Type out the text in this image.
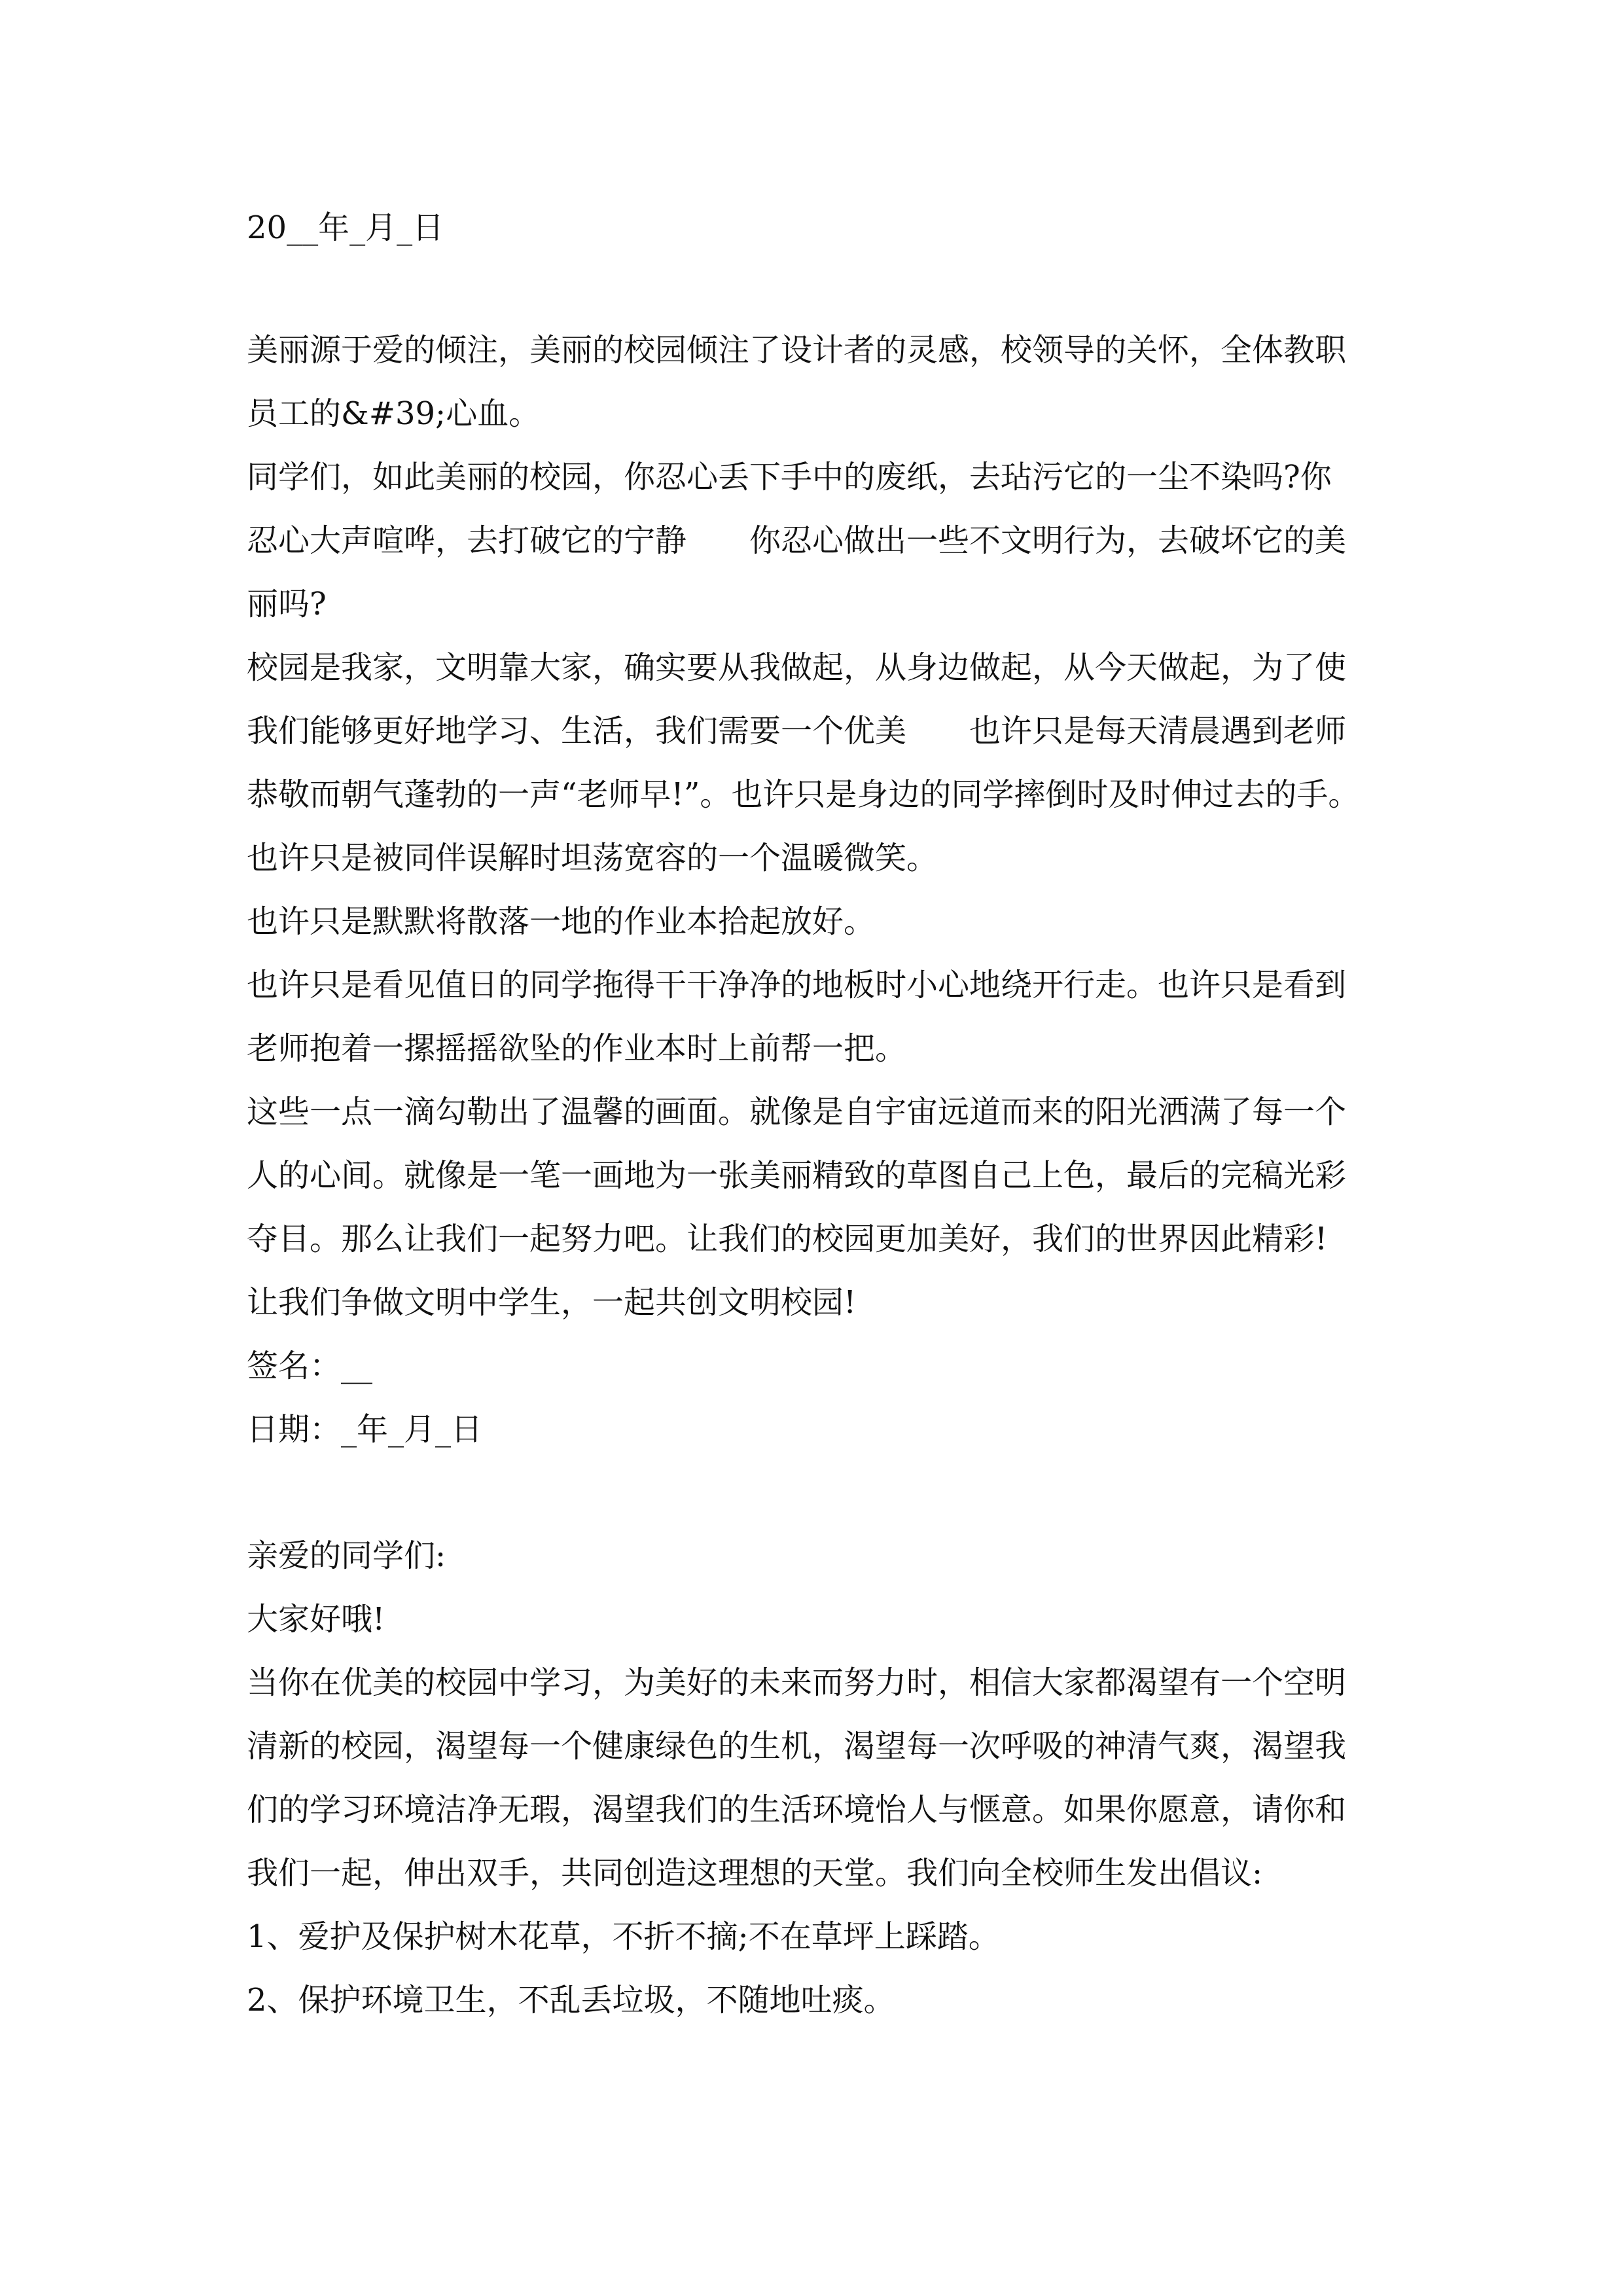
20__年_月_日
美丽源于爱的倾注，美丽的校园倾注了设计者的灵感，校领导的关怀，全体教职
员工的&#39;心血。
同学们，如此美丽的校园，你忍心丢下手中的废纸，去玷污它的一尘不染吗?你
忍心大声喧哗，去打破它的宁静　　你忍心做出一些不文明行为，去破坏它的美
丽吗?
校园是我家，文明靠大家，确实要从我做起，从身边做起，从今天做起，为了使
我们能够更好地学习、生活，我们需要一个优美　　也许只是每天清晨遇到老师
恭敬而朝气蓬勃的一声“老师早!”。也许只是身边的同学摔倒时及时伸过去的手。
也许只是被同伴误解时坦荡宽容的一个温暖微笑。
也许只是默默将散落一地的作业本拾起放好。
也许只是看见值日的同学拖得干干净净的地板时小心地绕开行走。也许只是看到
老师抱着一摞摇摇欲坠的作业本时上前帮一把。
这些一点一滴勾勒出了温馨的画面。就像是自宇宙远道而来的阳光洒满了每一个
人的心间。就像是一笔一画地为一张美丽精致的草图自己上色，最后的完稿光彩
夺目。那么让我们一起努力吧。让我们的校园更加美好，我们的世界因此精彩!
让我们争做文明中学生，一起共创文明校园!
签名：__
日期：_年_月_日
亲爱的同学们:
大家好哦!
当你在优美的校园中学习，为美好的未来而努力时，相信大家都渴望有一个空明
清新的校园，渴望每一个健康绿色的生机，渴望每一次呼吸的神清气爽，渴望我
们的学习环境洁净无瑕，渴望我们的生活环境怡人与惬意。如果你愿意，请你和
我们一起，伸出双手，共同创造这理想的天堂。我们向全校师生发出倡议:
1、爱护及保护树木花草，不折不摘;不在草坪上踩踏。
2、保护环境卫生，不乱丢垃圾，不随地吐痰。
